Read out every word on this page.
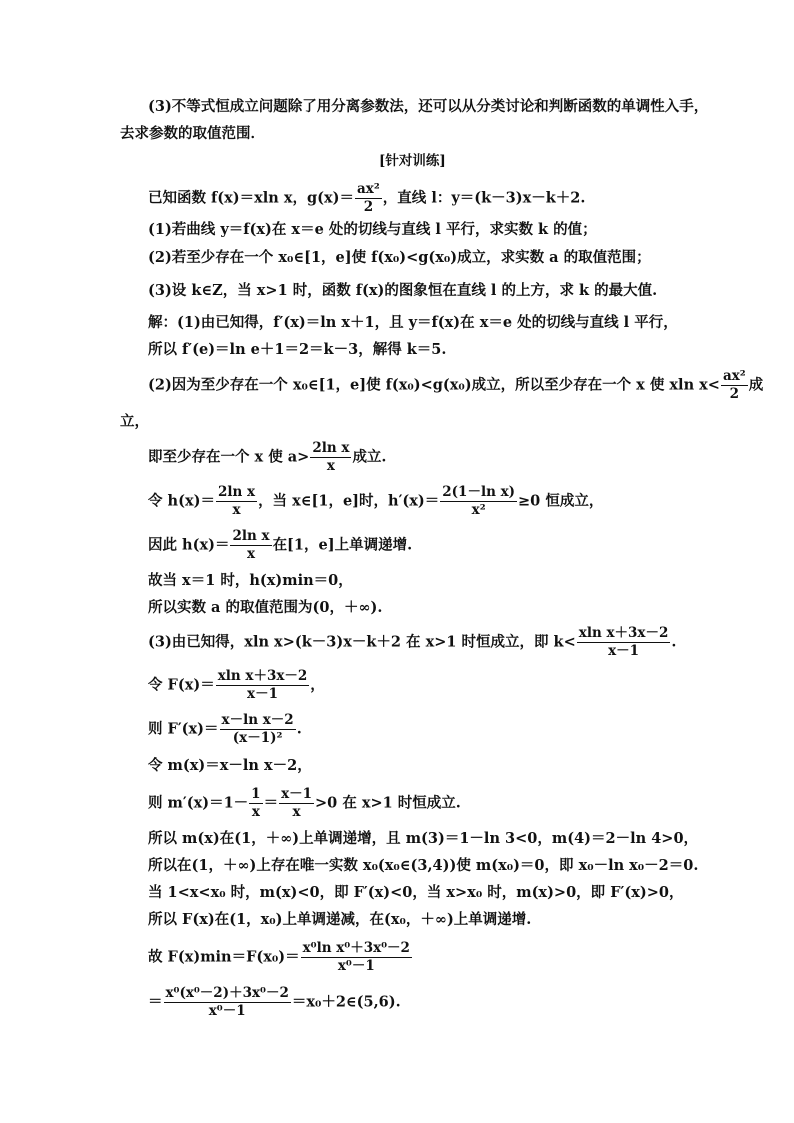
(3)不等式恒成立问题除了用分离参数法，还可以从分类讨论和判断函数的单调性入手，
去求参数的取值范围．
[针对训练]
已知函数 f(x)＝xln x，$g(x)= \frac{\text{ax²}}{2}$ ，直线 l：y＝(k－3)x－k＋2.
(1)若曲线 y＝f(x)在 x＝e 处的切线与直线 l 平行，求实数 k 的值；
(2)若至少存在一个 x₀∈[1，e]使 f(x₀)<g(x₀)成立，求实数 a 的取值范围；
(3)设 k∈Z，当 x>1 时，函数 f(x)的图象恒在直线 l 的上方，求 k 的最大值.
解：(1)由已知得，f′(x)＝ln x＋1，且 y＝f(x)在 x＝e 处的切线与直线 l 平行，
所以 f′(e)＝ln e＋1＝2＝k－3，解得 k＝5.
(2)因为至少存在一个 x₀∈[1，e]使 f(x₀)<g(x₀)成立，所以至少存在一个 x 使 xln $x< \frac{\text{ax²}}{2}$ 成
立，
即至少存在一个 x 使 $a> \frac{\text{2ln x}}{x}$ 成立.
令 $h(x)= \frac{\text{2ln x}}{x}$ ，当 x∈[1，e]时，$h'(x)= \frac{\text{2(1－ln x)}}{\text{x²}} \ge 0$ 恒成立，
因此 $h(x)= \frac{\text{2ln x}}{x}$ 在[1，e]上单调递增.
故当 x＝1 时，h(x)min＝0，
所以实数 a 的取值范围为(0，＋∞).
(3)由已知得，xln x>(k－3)x－k＋2 在 x>1 时恒成立，即 $k< \frac{\text{xln x＋3x－2}}{x-1}$ .
令 $F(x)= \frac{\text{xln x＋3x－2}}{x-1}$ ，
则 $F'(x)= \frac{\text{x－ln x－2}}{\text{(x－1)²}}$ .
令 m(x)＝x－ln x－2，
则 $m'(x)=1- \frac{1}{x} = \frac{x-1}{x} >0$ 在 x>1 时恒成立.
所以 m(x)在(1，＋∞)上单调递增，且 m(3)＝1－ln 3<0，m(4)＝2－ln 4>0，
所以在(1，＋∞)上存在唯一实数 x₀(x₀∈(3,4))使 m(x₀)＝0，即 x₀－ln x₀－2＝0.
当 1<x<x₀ 时，m(x)<0，即 F′(x)<0，当 x>x₀ 时，m(x)>0，即 F′(x)>0，
所以 F(x)在(1，x₀)上单调递减，在(x₀，＋∞)上单调递增.
故 $F(x)\min=F(x_0)= \frac{\text{x⁰ln x⁰＋3x⁰－2}}{\text{x⁰－1}}$
＝ $\frac{\text{x⁰(x⁰－2)＋3x⁰－2}}{\text{x⁰－1}}$ ＝x₀＋2∈(5,6).
